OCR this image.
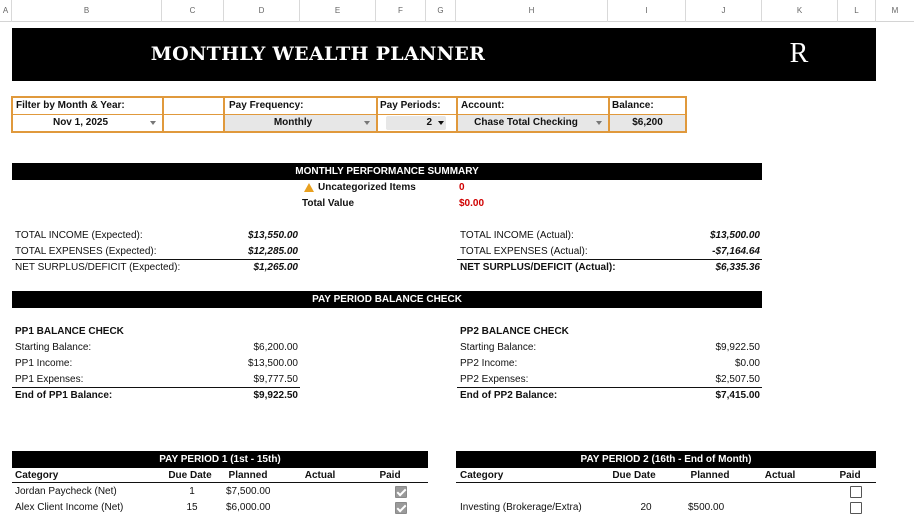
A	B	C	D	E	F	G	H	I	J	K	L	M
MONTHLY WEALTH PLANNER	R
Filter by Month & Year:
Nov 1, 2025
Pay Frequency:
Monthly
Pay Periods:
2
Account:
Chase Total Checking
Balance:
$6,200
MONTHLY PERFORMANCE SUMMARY
Uncategorized Items	0
Total Value	$0.00
TOTAL INCOME (Expected):	$13,550.00
TOTAL EXPENSES (Expected):	$12,285.00
NET SURPLUS/DEFICIT (Expected):	$1,265.00
TOTAL INCOME (Actual):	$13,500.00
TOTAL EXPENSES (Actual):	-$7,164.64
NET SURPLUS/DEFICIT (Actual):	$6,335.36
PAY PERIOD BALANCE CHECK
PP1 BALANCE CHECK
Starting Balance:	$6,200.00
PP1 Income:	$13,500.00
PP1 Expenses:	$9,777.50
End of PP1 Balance:	$9,922.50
PP2 BALANCE CHECK
Starting Balance:	$9,922.50
PP2 Income:	$0.00
PP2 Expenses:	$2,507.50
End of PP2 Balance:	$7,415.00
PAY PERIOD 1 (1st - 15th)
Category	Due Date	Planned	Actual	Paid
Jordan Paycheck (Net)	1	$7,500.00
Alex Client Income (Net)	15	$6,000.00
PAY PERIOD 2 (16th - End of Month)
Category	Due Date	Planned	Actual	Paid
Investing (Brokerage/Extra)	20	$500.00
